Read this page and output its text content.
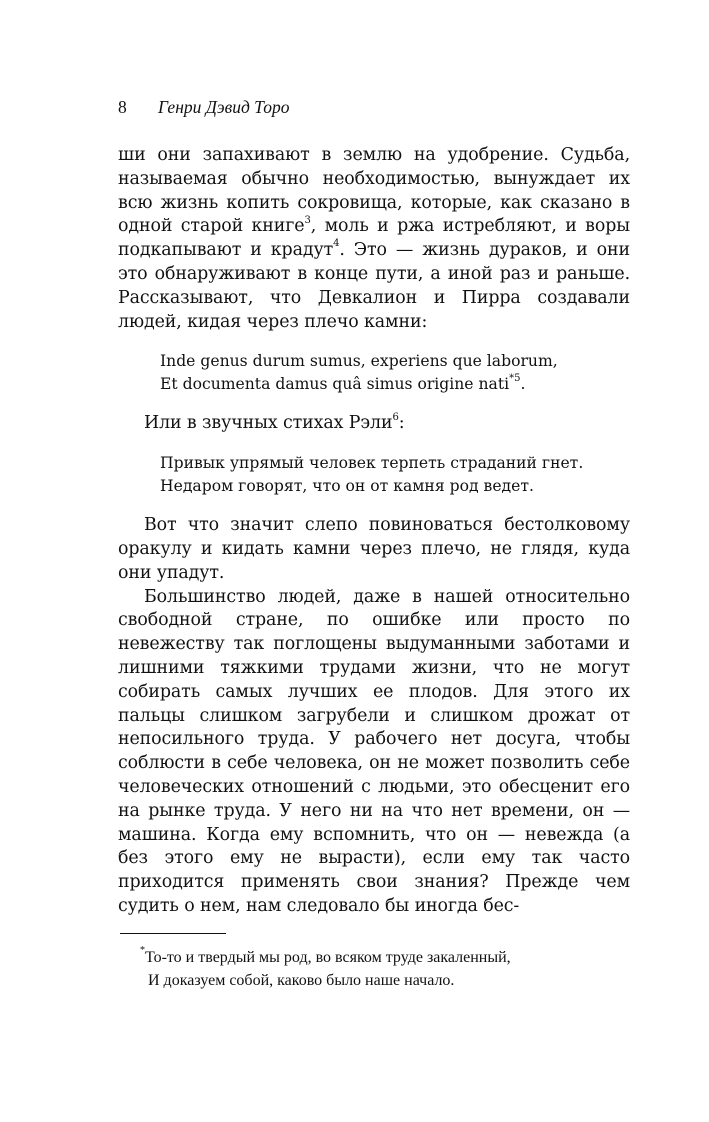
8 Генри Дэвид Торо

ши они запахивают в землю на удобрение. Судьба, называемая обычно необходимостью, вынуждает их всю жизнь копить сокровища, которые, как сказано в одной старой книге$^3$, моль и ржа истребляют, и воры подкапывают и крадут$^4$. Это — жизнь дураков, и они это обнаруживают в конце пути, а иной раз и раньше. Рассказывают, что Девкалион и Пирра создавали людей, кидая через плечо камни:

Inde genus durum sumus, experiens que laborum,
Et documenta damus quâ simus origine nati$^{*5}$.

Или в звучных стихах Рэли$^6$:

Привык упрямый человек терпеть страданий гнет.
Недаром говорят, что он от камня род ведет.

Вот что значит слепо повиноваться бестолковому оракулу и кидать камни через плечо, не глядя, куда они упадут.

Большинство людей, даже в нашей относительно свободной стране, по ошибке или просто по невежеству так поглощены выдуманными заботами и лишними тяжкими трудами жизни, что не могут собирать самых лучших ее плодов. Для этого их пальцы слишком загрубели и слишком дрожат от непосильного труда. У рабочего нет досуга, чтобы соблюсти в себе человека, он не может позволить себе человеческих отношений с людьми, это обесценит его на рынке труда. У него ни на что нет времени, он — машина. Когда ему вспомнить, что он — невежда (а без этого ему не вырасти), если ему так часто приходится применять свои знания? Прежде чем судить о нем, нам следовало бы иногда бес-

*То-то и твердый мы род, во всяком труде закаленный,
И доказуем собой, каково было наше начало.
